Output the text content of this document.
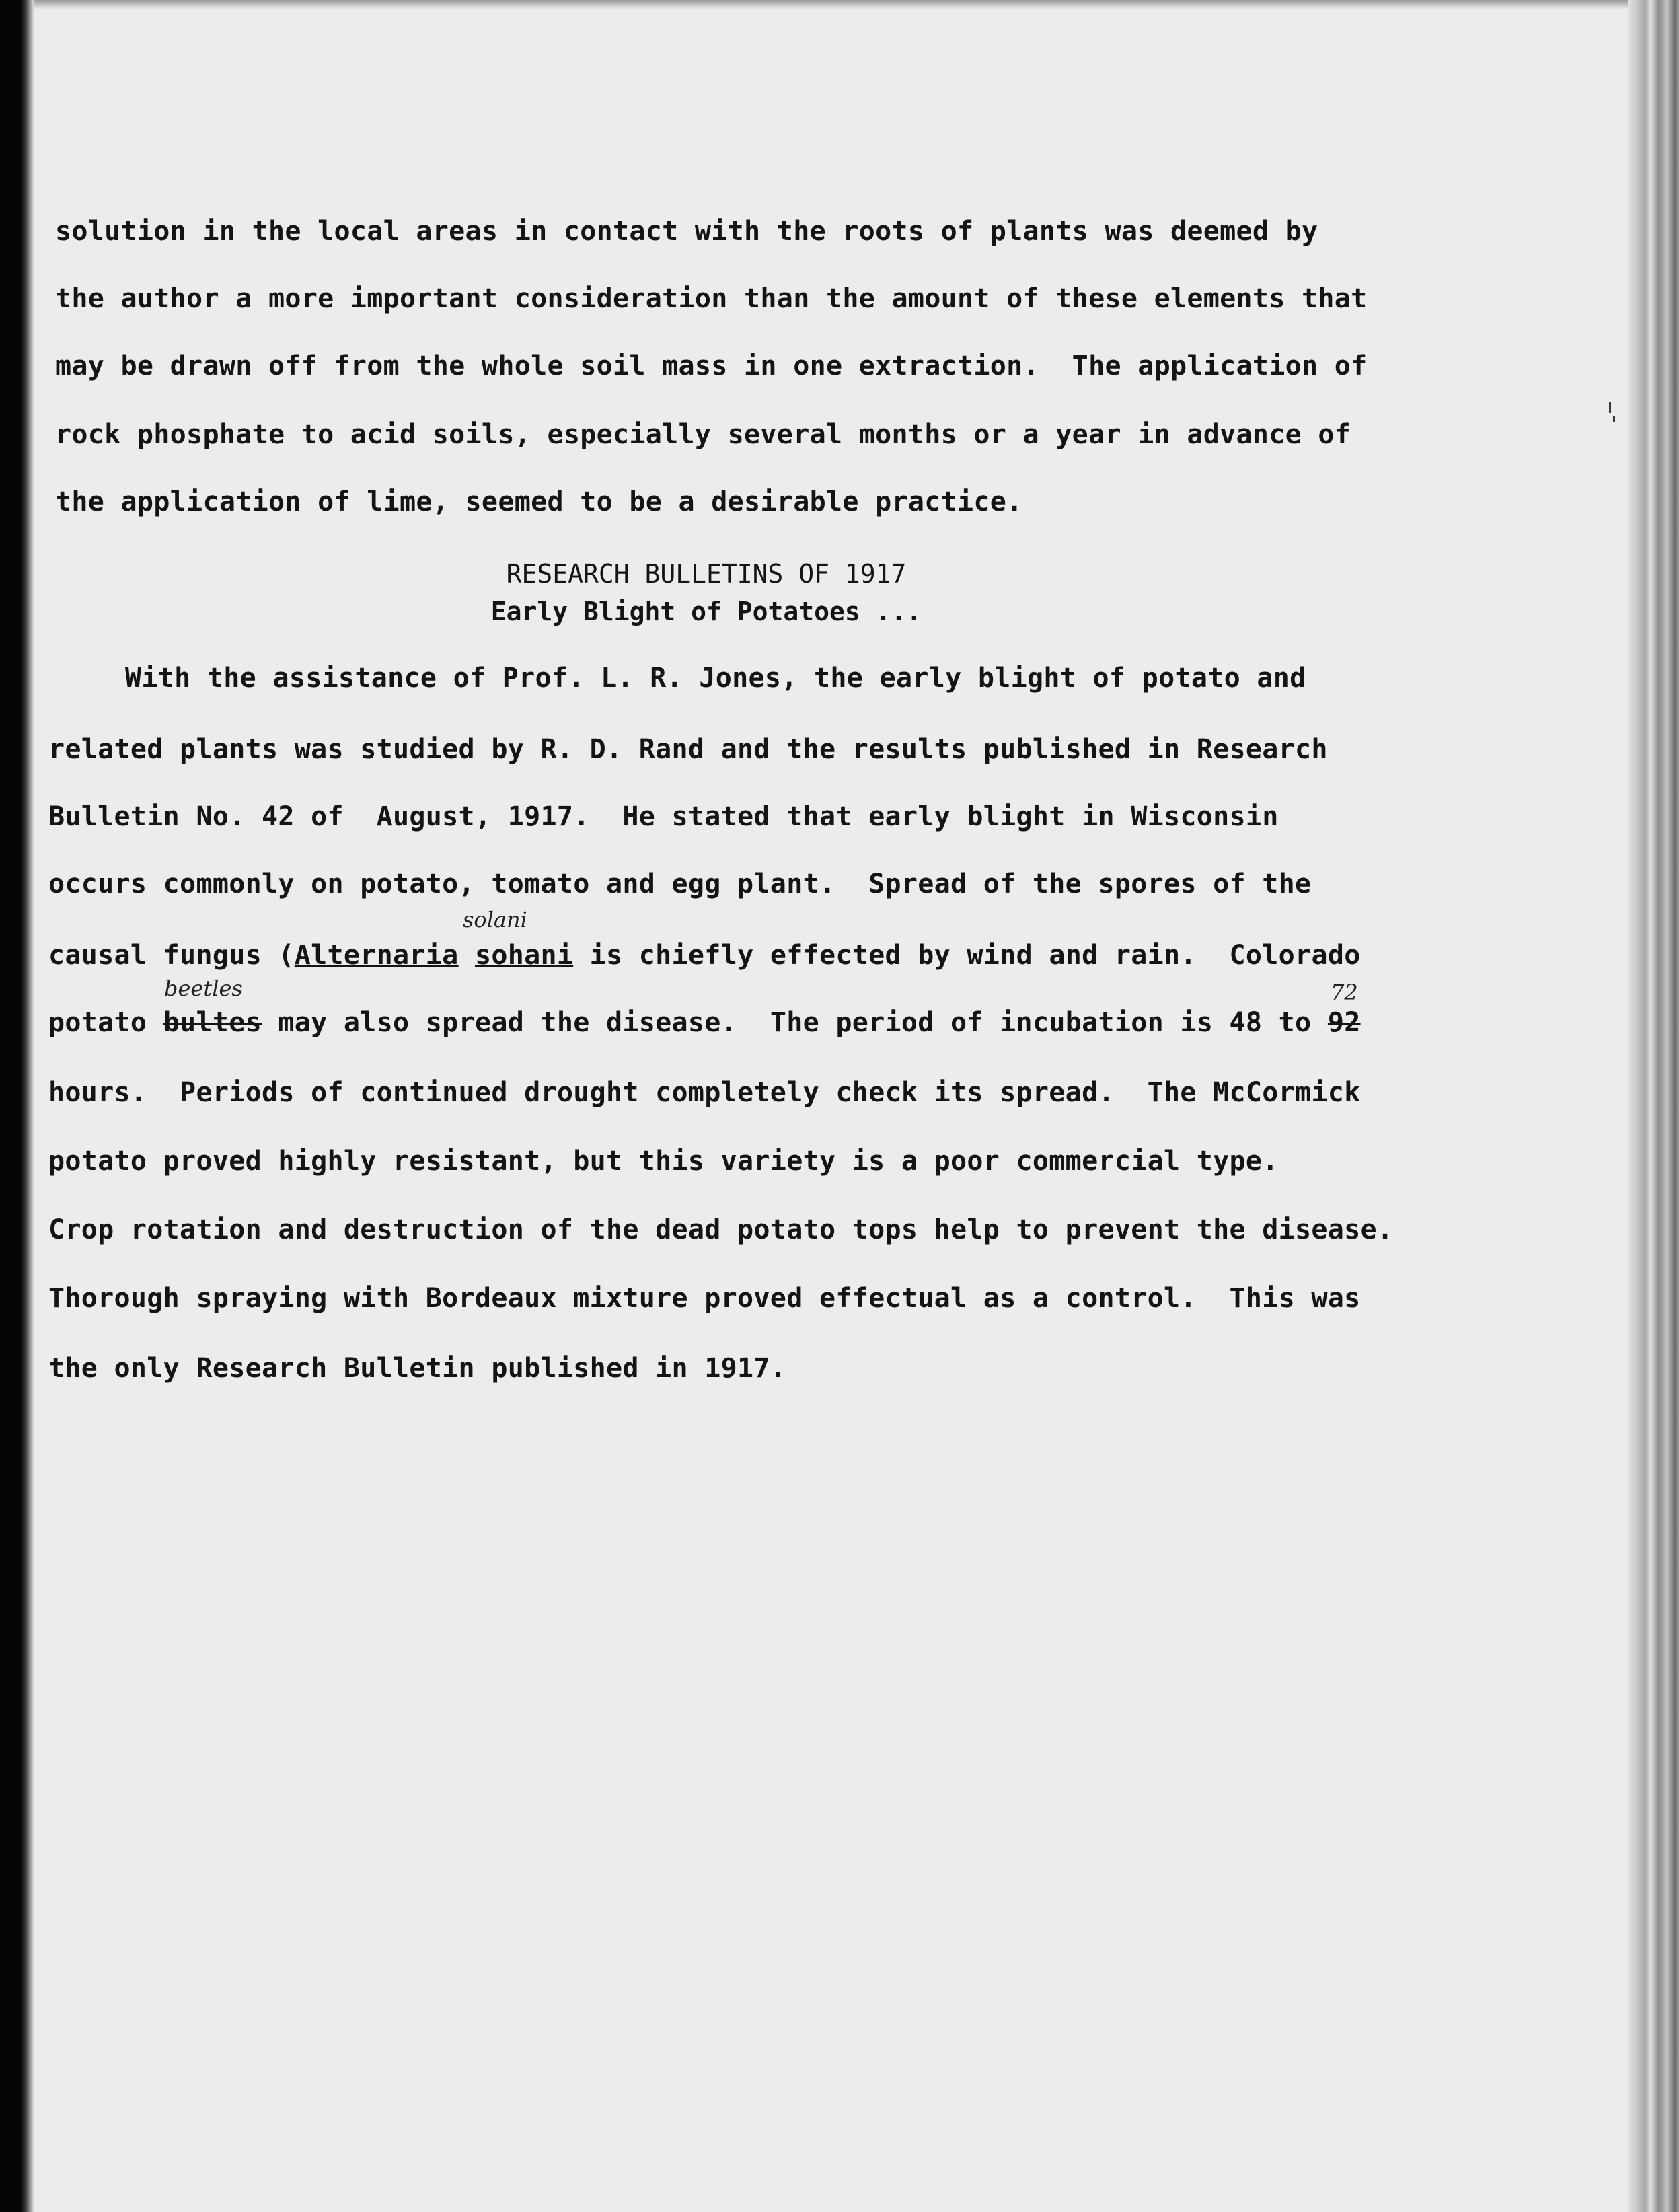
solution in the local areas in contact with the roots of plants was deemed by
the author a more important consideration than the amount of these elements that
may be drawn off from the whole soil mass in one extraction.  The application of
rock phosphate to acid soils, especially several months or a year in advance of
the application of lime, seemed to be a desirable practice.
RESEARCH BULLETINS OF 1917
Early Blight of Potatoes ...
With the assistance of Prof. L. R. Jones, the early blight of potato and
related plants was studied by R. D. Rand and the results published in Research
Bulletin No. 42 of  August, 1917.  He stated that early blight in Wisconsin
occurs commonly on potato, tomato and egg plant.  Spread of the spores of the
solani
causal fungus (Alternaria sohani is chiefly effected by wind and rain.  Colorado
beetles	72
potato bultes may also spread the disease.  The period of incubation is 48 to 92
hours.  Periods of continued drought completely check its spread.  The McCormick
potato proved highly resistant, but this variety is a poor commercial type.
Crop rotation and destruction of the dead potato tops help to prevent the disease.
Thorough spraying with Bordeaux mixture proved effectual as a control.  This was
the only Research Bulletin published in 1917.
